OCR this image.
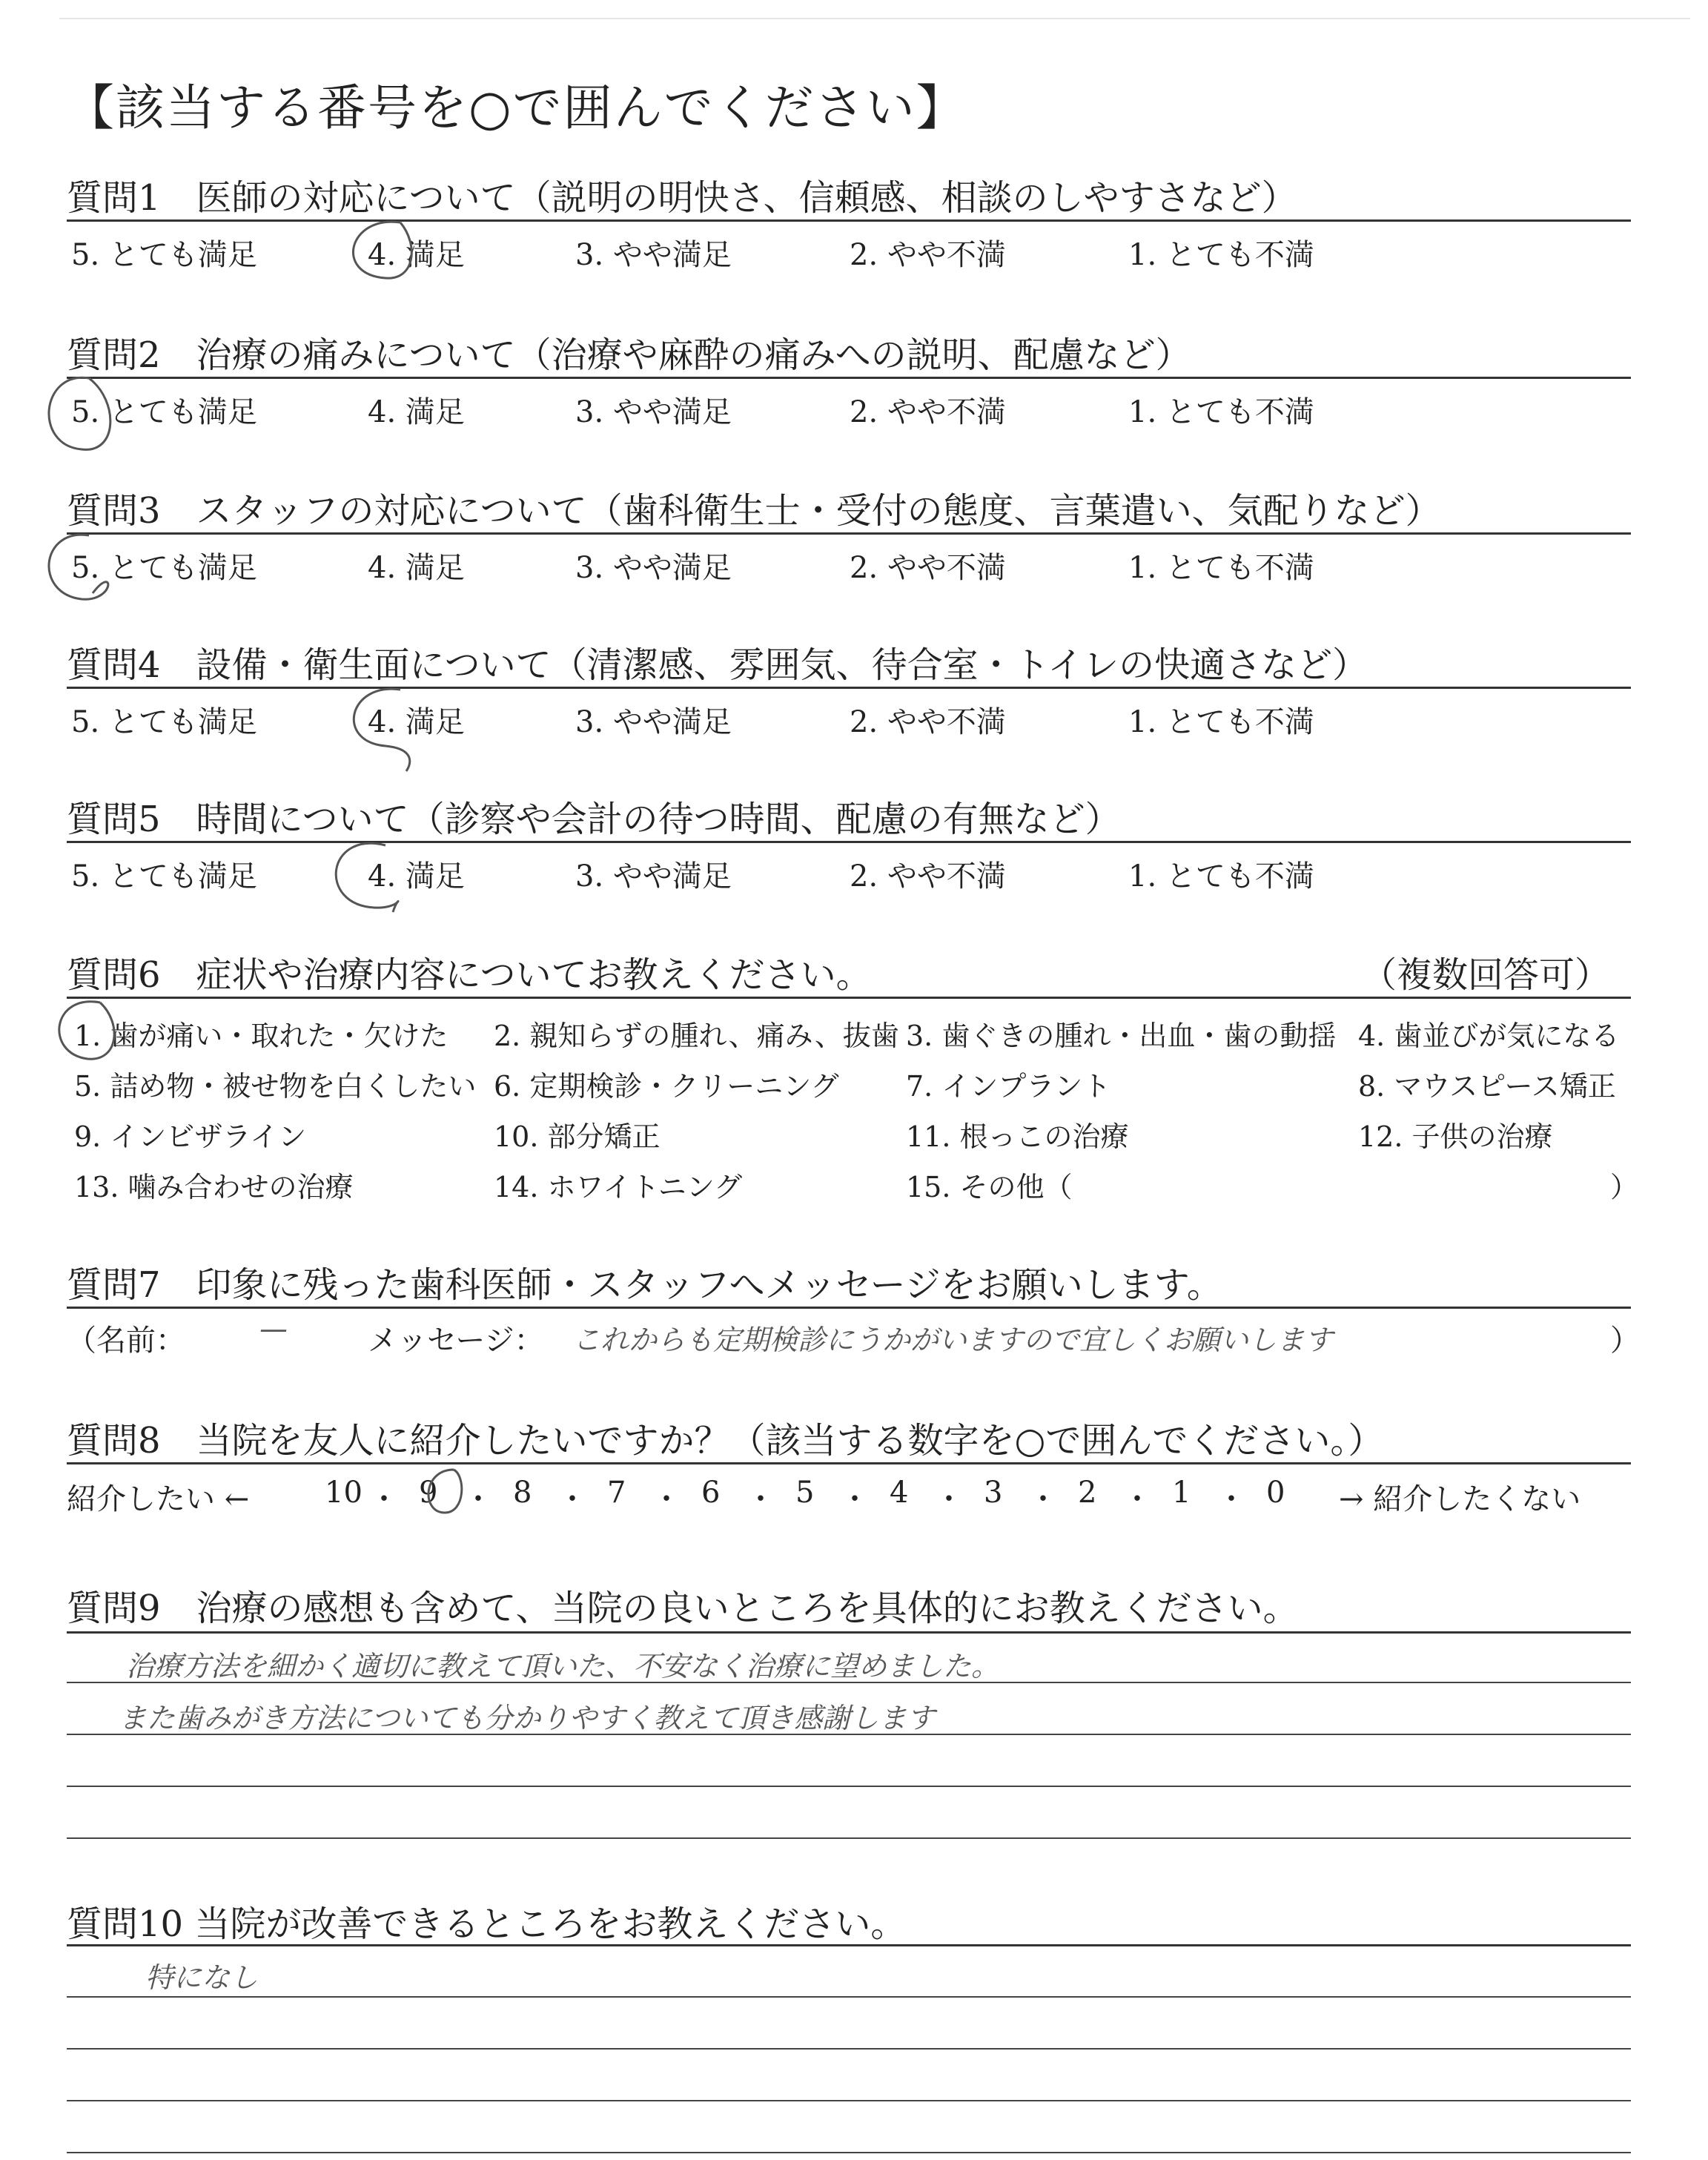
【該当する番号を○で囲んでください】
質問1　医師の対応について（説明の明快さ、信頼感、相談のしやすさなど）
5. とても満足	4. 満足	3. やや満足	2. やや不満	1. とても不満
質問2　治療の痛みについて（治療や麻酔の痛みへの説明、配慮など）
5. とても満足	4. 満足	3. やや満足	2. やや不満	1. とても不満
質問3　スタッフの対応について（歯科衛生士・受付の態度、言葉遣い、気配りなど）
5. とても満足	4. 満足	3. やや満足	2. やや不満	1. とても不満
質問4　設備・衛生面について（清潔感、雰囲気、待合室・トイレの快適さなど）
5. とても満足	4. 満足	3. やや満足	2. やや不満	1. とても不満
質問5　時間について（診察や会計の待つ時間、配慮の有無など）
5. とても満足	4. 満足	3. やや満足	2. やや不満	1. とても不満
質問6　症状や治療内容についてお教えください。	（複数回答可）
1. 歯が痛い・取れた・欠けた 2. 親知らずの腫れ、痛み、抜歯 3. 歯ぐきの腫れ・出血・歯の動揺 4. 歯並びが気になる
5. 詰め物・被せ物を白くしたい 6. 定期検診・クリーニング 7. インプラント	8. マウスピース矯正
9. インビザライン	10. 部分矯正	11. 根っこの治療	12. 子供の治療
13. 噛み合わせの治療	14. ホワイトニング	15. その他（	）
質問7　印象に残った歯科医師・スタッフへメッセージをお願いします。
（名前：	—	メッセージ： これからも定期検診にうかがいますので宜しくお願いします	）
質問8　当院を友人に紹介したいですか？（該当する数字を○で囲んでください。）
紹介したい ←	→ 紹介したくない
10 ・ 9 ・ 8 ・ 7 ・ 6 ・ 5 ・ 4 ・ 3 ・ 2 ・ 1 ・ 0
質問9　治療の感想も含めて、当院の良いところを具体的にお教えください。
治療方法を細かく適切に教えて頂いた、不安なく治療に望めました。
また歯みがき方法についても分かりやすく教えて頂き感謝します
質問10 当院が改善できるところをお教えください。
特になし
